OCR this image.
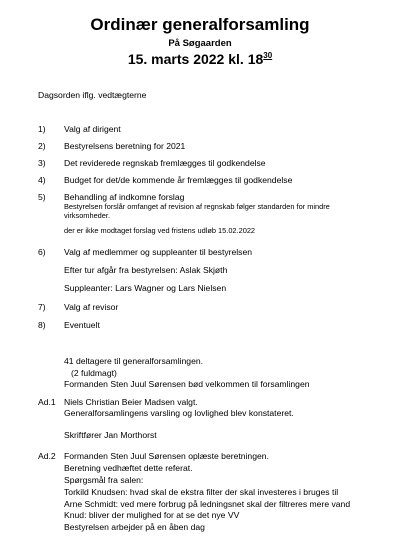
Ordinær generalforsamling
På Søgaarden
15. marts 2022 kl. $18^{30}$
Dagsorden iflg. vedtægterne
1) Valg af dirigent
2) Bestyrelsens beretning for 2021
3) Det reviderede regnskab fremlægges til godkendelse
4) Budget for det/de kommende år fremlægges til godkendelse
5) Behandling af indkomne forslag
Bestyrelsen forslår omfanget af revision af regnskab følger standarden for mindre
virksomheder.
der er ikke modtaget forslag ved fristens udløb 15.02.2022
6) Valg af medlemmer og suppleanter til bestyrelsen
Efter tur afgår fra bestyrelsen: Aslak Skjøth
Suppleanter: Lars Wagner og Lars Nielsen
7) Valg af revisor
8) Eventuelt
41 deltagere til generalforsamlingen.
(2 fuldmagt)
Formanden Sten Juul Sørensen bød velkommen til forsamlingen
Ad.1 Niels Christian Beier Madsen valgt.
Generalforsamlingens varsling og lovlighed blev konstateret.
Skriftfører Jan Morthorst
Ad.2 Formanden Sten Juul Sørensen oplæste beretningen.
Beretning vedhæftet dette referat.
Spørgsmål fra salen:
Torkild Knudsen: hvad skal de ekstra filter der skal investeres i bruges til
Arne Schmidt: ved mere forbrug på ledningsnet skal der filtreres mere vand
Knud: bliver der mulighed for at se det nye VV
Bestyrelsen arbejder på en åben dag
